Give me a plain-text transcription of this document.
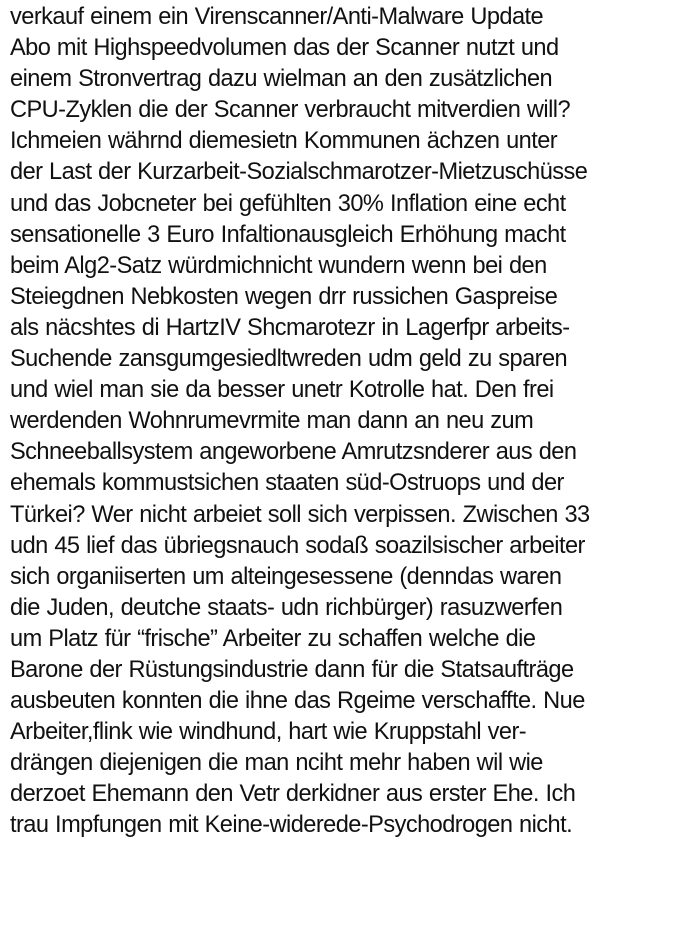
verkauf einem ein Virenscanner/Anti-Malware Update
Abo mit Highspeedvolumen das der Scanner nutzt und
einem Stronvertrag dazu wielman an den zusätzlichen
CPU-Zyklen die der Scanner verbraucht mitverdien will?
Ichmeien währnd diemesietn Kommunen ächzen unter
der Last der Kurzarbeit-Sozialschmarotzer-Mietzuschüsse
und das Jobcneter bei gefühlten 30% Inflation eine echt
sensationelle 3 Euro Infaltionausgleich Erhöhung macht
beim Alg2-Satz würdmichnicht wundern wenn bei den
Steiegdnen Nebkosten wegen drr russichen Gaspreise
als näcshtes di HartzIV Shcmarotezr in Lagerfpr arbeits-
Suchende zansgumgesiedltwreden udm geld zu sparen
und wiel man sie da besser unetr Kotrolle hat. Den frei
werdenden Wohnrumevrmite man dann an neu zum
Schneeballsystem angeworbene Amrutzsnderer aus den
ehemals kommustsichen staaten süd-Ostruops und der
Türkei? Wer nicht arbeiet soll sich verpissen. Zwischen 33
udn 45 lief das übriegsnauch sodaß soazilsischer arbeiter
sich organiiserten um alteingesessene (denndas waren
die Juden, deutche staats- udn richbürger) rasuzwerfen
um Platz für “frische” Arbeiter zu schaffen welche die
Barone der Rüstungsindustrie dann für die Statsaufträge
ausbeuten konnten die ihne das Rgeime verschaffte. Nue
Arbeiter,flink wie windhund, hart wie Kruppstahl ver-
drängen diejenigen die man nciht mehr haben wil wie
derzoet Ehemann den Vetr derkidner aus erster Ehe. Ich
trau Impfungen mit Keine-widerede-Psychodrogen nicht.
